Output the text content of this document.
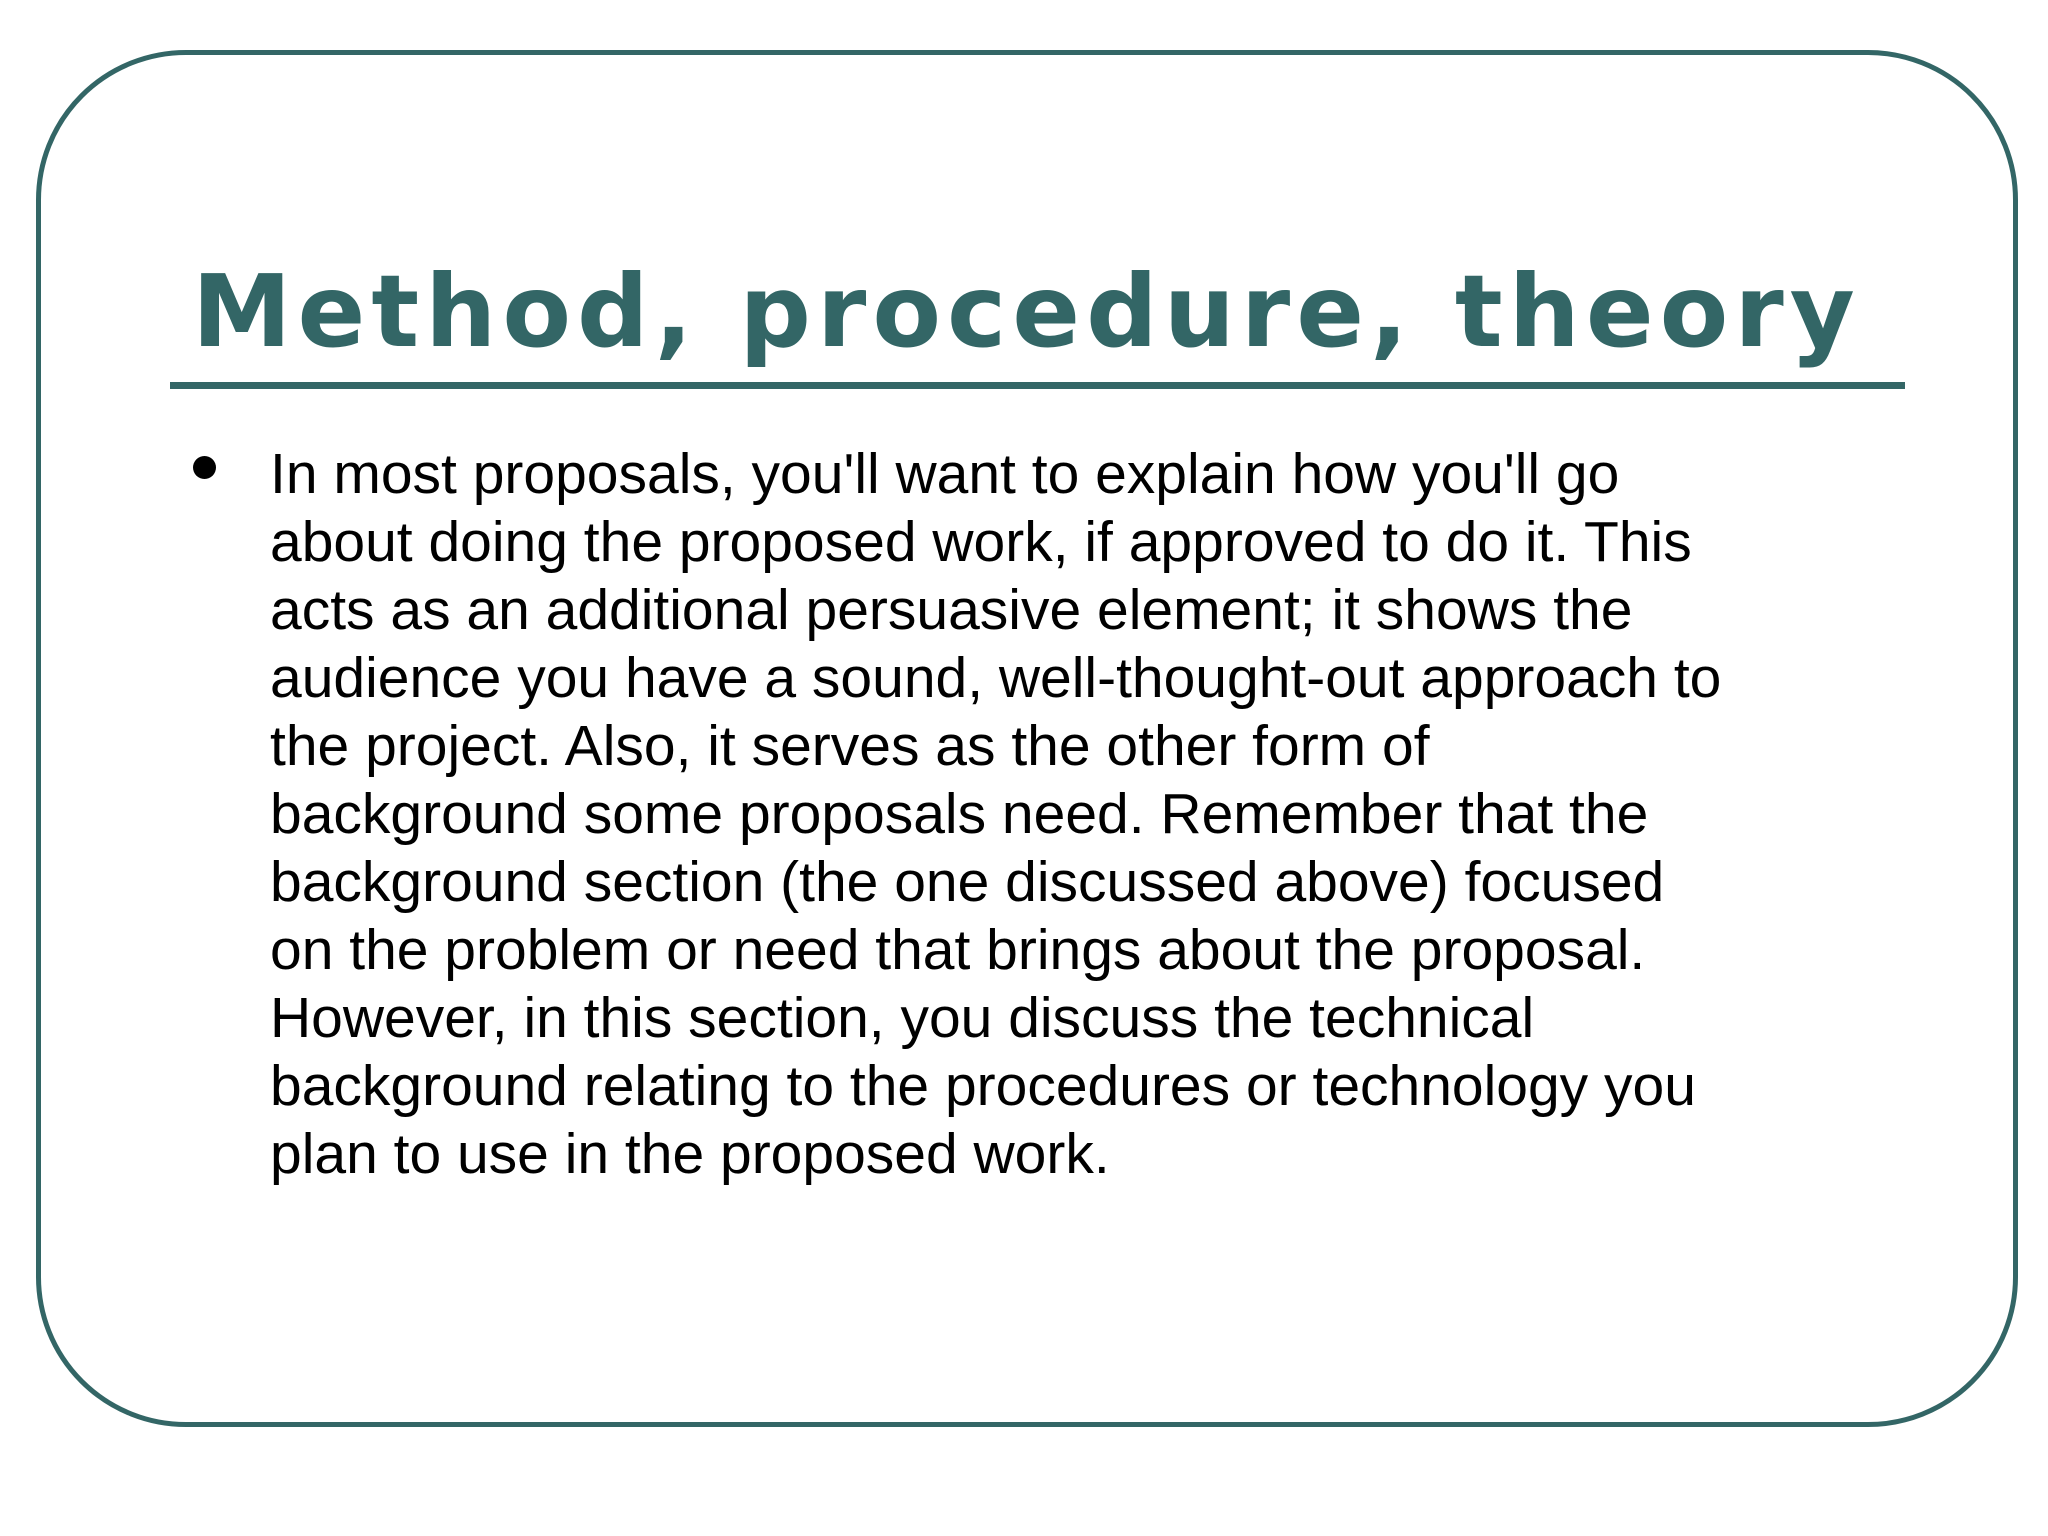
Method, procedure, theory
In most proposals, you'll want to explain how you'll go
about doing the proposed work, if approved to do it. This
acts as an additional persuasive element; it shows the
audience you have a sound, well-thought-out approach to
the project. Also, it serves as the other form of
background some proposals need. Remember that the
background section (the one discussed above) focused
on the problem or need that brings about the proposal.
However, in this section, you discuss the technical
background relating to the procedures or technology you
plan to use in the proposed work.
